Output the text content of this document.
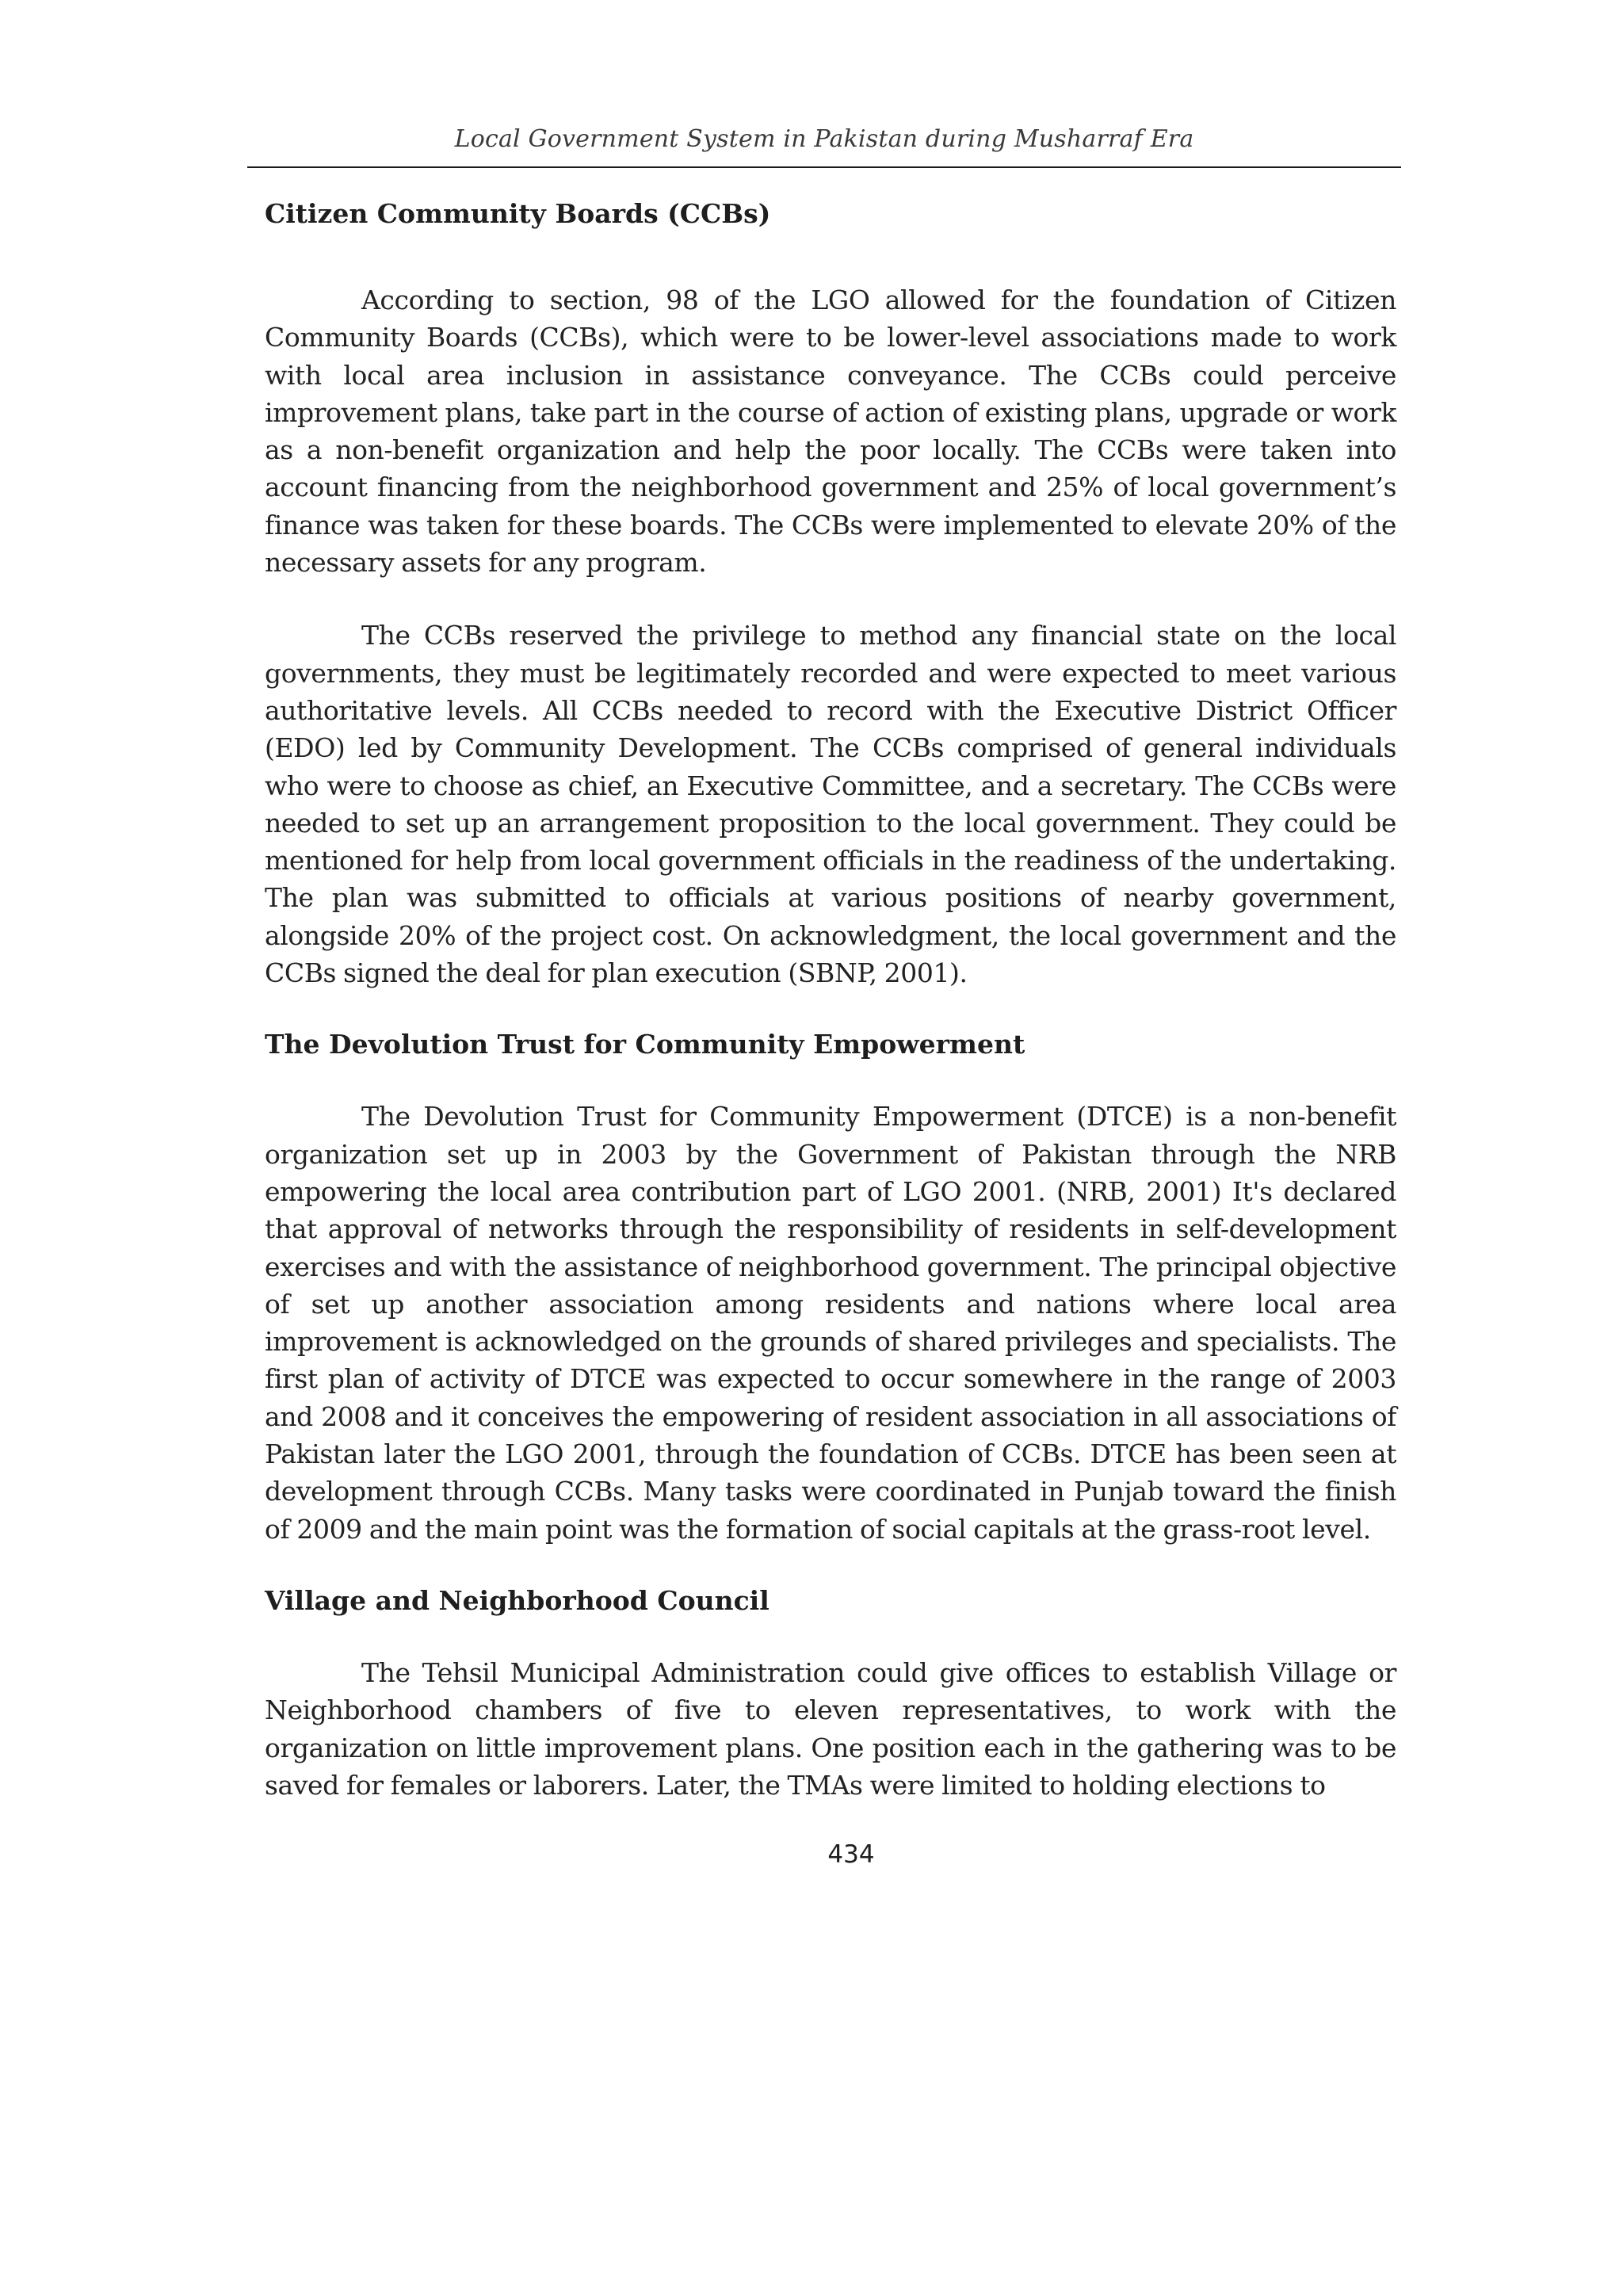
Local Government System in Pakistan during Musharraf Era
Citizen Community Boards (CCBs)

According to section, 98 of the LGO allowed for the foundation of Citizen Community Boards (CCBs), which were to be lower-level associations made to work with local area inclusion in assistance conveyance. The CCBs could perceive improvement plans, take part in the course of action of existing plans, upgrade or work as a non-benefit organization and help the poor locally. The CCBs were taken into account financing from the neighborhood government and 25% of local government’s finance was taken for these boards. The CCBs were implemented to elevate 20% of the necessary assets for any program.

The CCBs reserved the privilege to method any financial state on the local governments, they must be legitimately recorded and were expected to meet various authoritative levels. All CCBs needed to record with the Executive District Officer (EDO) led by Community Development. The CCBs comprised of general individuals who were to choose as chief, an Executive Committee, and a secretary. The CCBs were needed to set up an arrangement proposition to the local government. They could be mentioned for help from local government officials in the readiness of the undertaking. The plan was submitted to officials at various positions of nearby government, alongside 20% of the project cost. On acknowledgment, the local government and the CCBs signed the deal for plan execution (SBNP, 2001).

The Devolution Trust for Community Empowerment

The Devolution Trust for Community Empowerment (DTCE) is a non-benefit organization set up in 2003 by the Government of Pakistan through the NRB empowering the local area contribution part of LGO 2001. (NRB, 2001) It's declared that approval of networks through the responsibility of residents in self-development exercises and with the assistance of neighborhood government. The principal objective of set up another association among residents and nations where local area improvement is acknowledged on the grounds of shared privileges and specialists. The first plan of activity of DTCE was expected to occur somewhere in the range of 2003 and 2008 and it conceives the empowering of resident association in all associations of Pakistan later the LGO 2001, through the foundation of CCBs. DTCE has been seen at development through CCBs. Many tasks were coordinated in Punjab toward the finish of 2009 and the main point was the formation of social capitals at the grass-root level.

Village and Neighborhood Council

The Tehsil Municipal Administration could give offices to establish Village or Neighborhood chambers of five to eleven representatives, to work with the organization on little improvement plans. One position each in the gathering was to be saved for females or laborers. Later, the TMAs were limited to holding elections to

434
